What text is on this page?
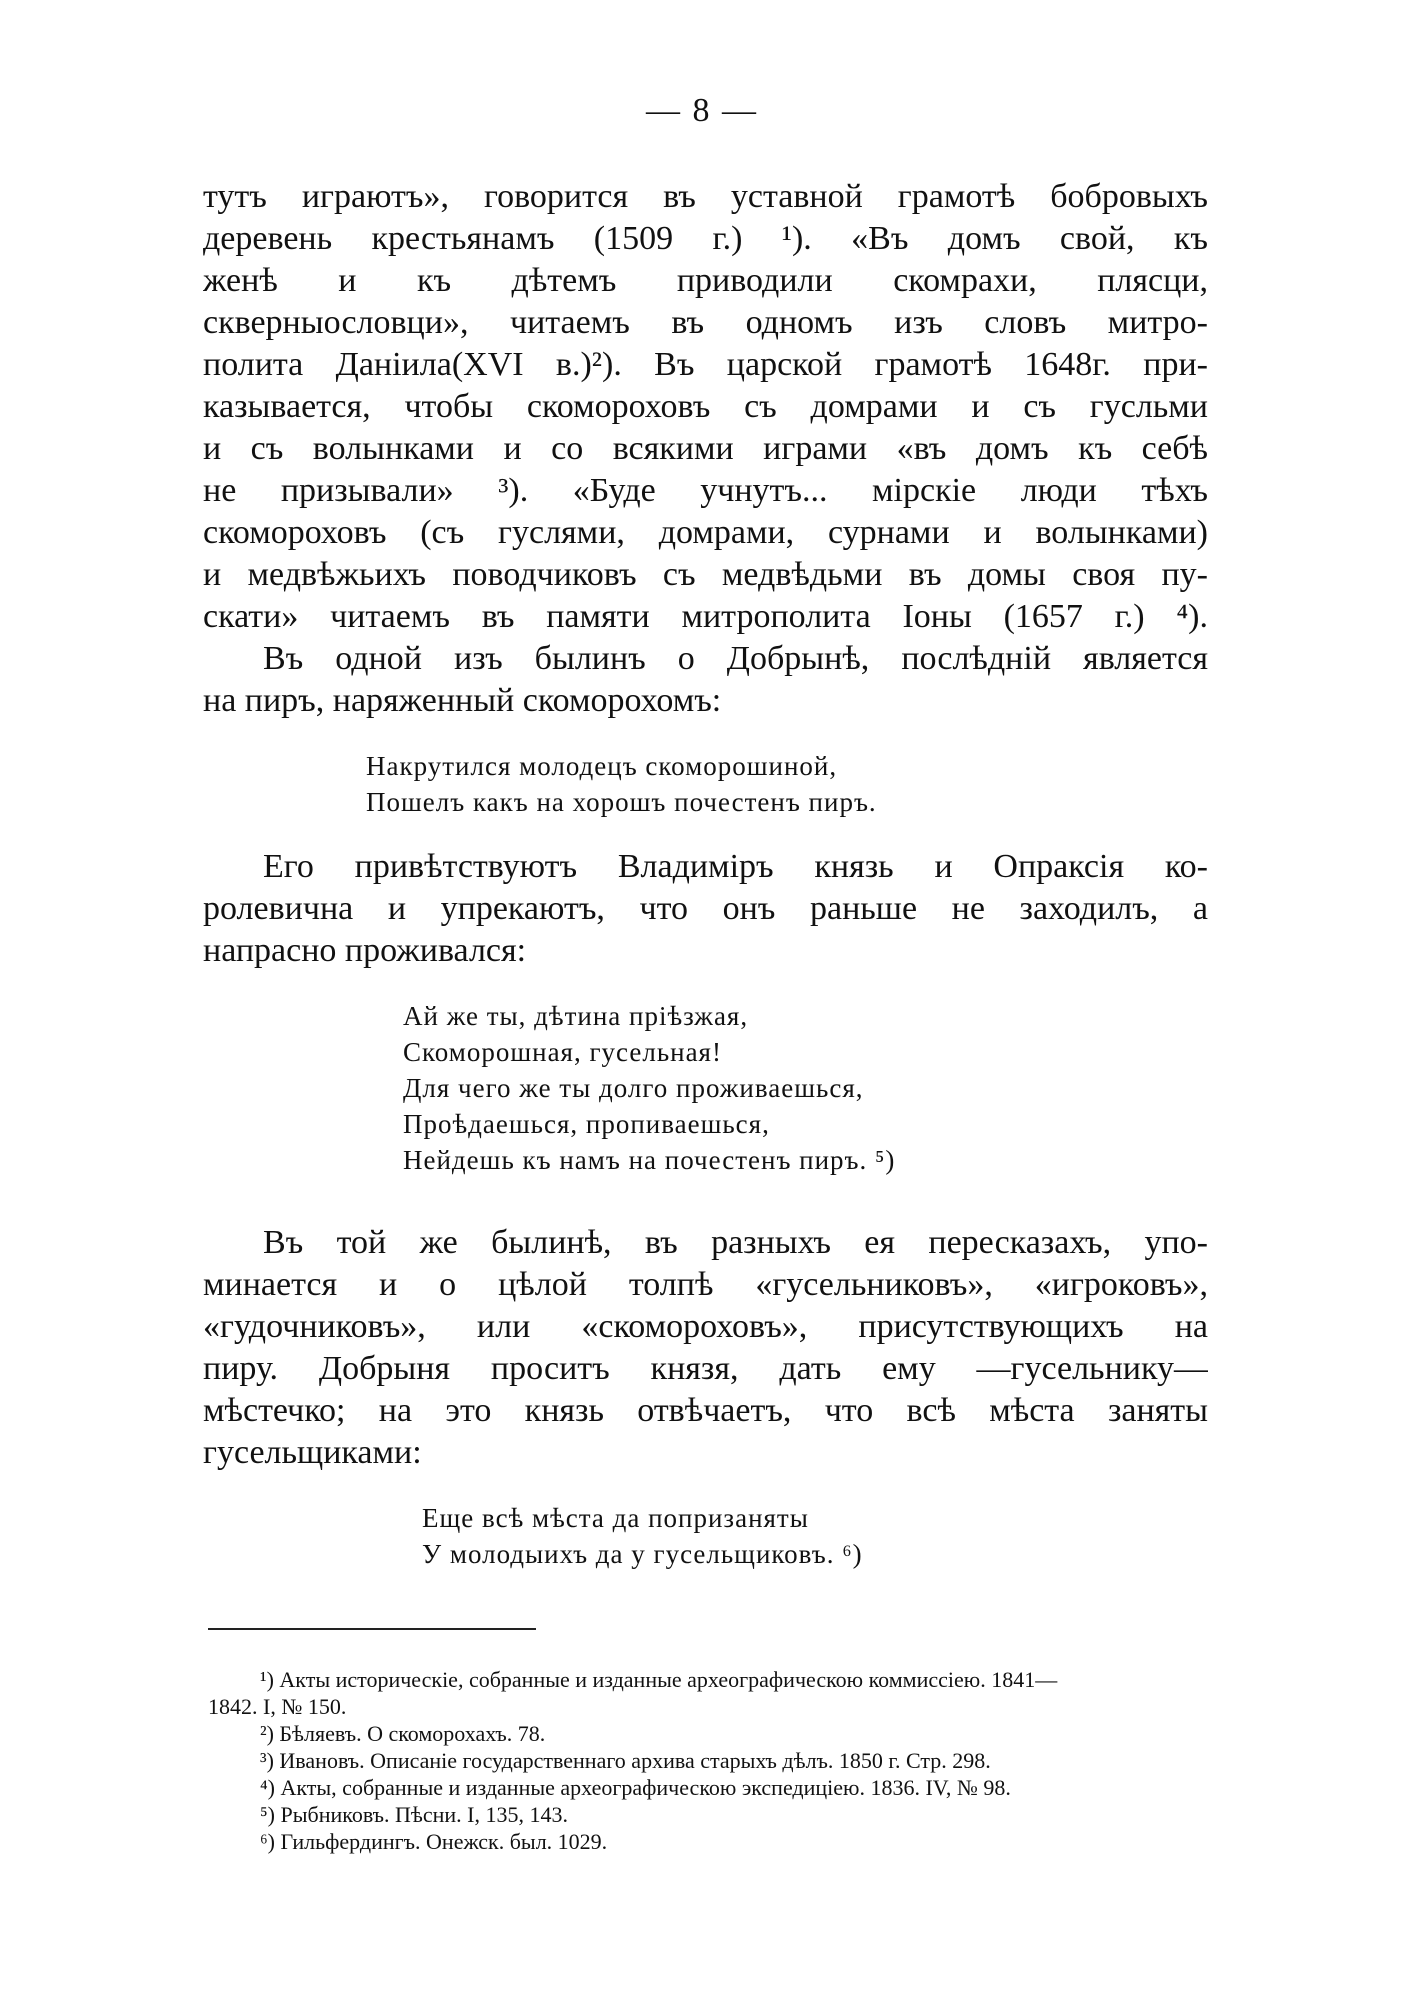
— 8 —
тутъ играютъ», говорится въ уставной грамотѣ бобровыхъ
деревень крестьянамъ (1509 г.) ¹). «Въ домъ свой, къ
женѣ и къ дѣтемъ приводили скомрахи, плясци,
скверныословци», читаемъ въ одномъ изъ словъ митро-
полита Даніила(XVI в.)²). Въ царской грамотѣ 1648г. при-
казывается, чтобы скомороховъ съ домрами и съ гусльми
и съ волынками и со всякими играми «въ домъ къ себѣ
не призывали» ³). «Буде учнутъ... мірскіе люди тѣхъ
скомороховъ (съ гуслями, домрами, сурнами и волынками)
и медвѣжьихъ поводчиковъ съ медвѣдьми въ домы своя пу-
скати» читаемъ въ памяти митрополита Іоны (1657 г.) ⁴).
Въ одной изъ былинъ о Добрынѣ, послѣдній является
на пиръ, наряженный скоморохомъ:
Накрутился молодецъ скоморошиной,
Пошелъ какъ на хорошъ почестенъ пиръ.
Его привѣтствуютъ Владиміръ князь и Опраксія ко-
ролевична и упрекаютъ, что онъ раньше не заходилъ, а
напрасно проживался:
Ай же ты, дѣтина пріѣзжая,
Скоморошная, гусельная!
Для чего же ты долго проживаешься,
Проѣдаешься, пропиваешься,
Нейдешь къ намъ на почестенъ пиръ. ⁵)
Въ той же былинѣ, въ разныхъ ея пересказахъ, упо-
минается и о цѣлой толпѣ «гусельниковъ», «игроковъ»,
«гудочниковъ», или «скомороховъ», присутствующихъ на
пиру. Добрыня проситъ князя, дать ему —гусельнику—
мѣстечко; на это князь отвѣчаетъ, что всѣ мѣста заняты
гусельщиками:
Еще всѣ мѣста да попризаняты
У молодыихъ да у гусельщиковъ. ⁶)
¹) Акты историческіе, собранные и изданные археографическою коммиссіею. 1841—
1842. I, № 150.
²) Бѣляевъ. О скоморохахъ. 78.
³) Ивановъ. Описаніе государственнаго архива старыхъ дѣлъ. 1850 г. Стр. 298.
⁴) Акты, собранные и изданные археографическою экспедиціею. 1836. IV, № 98.
⁵) Рыбниковъ. Пѣсни. I, 135, 143.
⁶) Гильфердингъ. Онежск. был. 1029.
